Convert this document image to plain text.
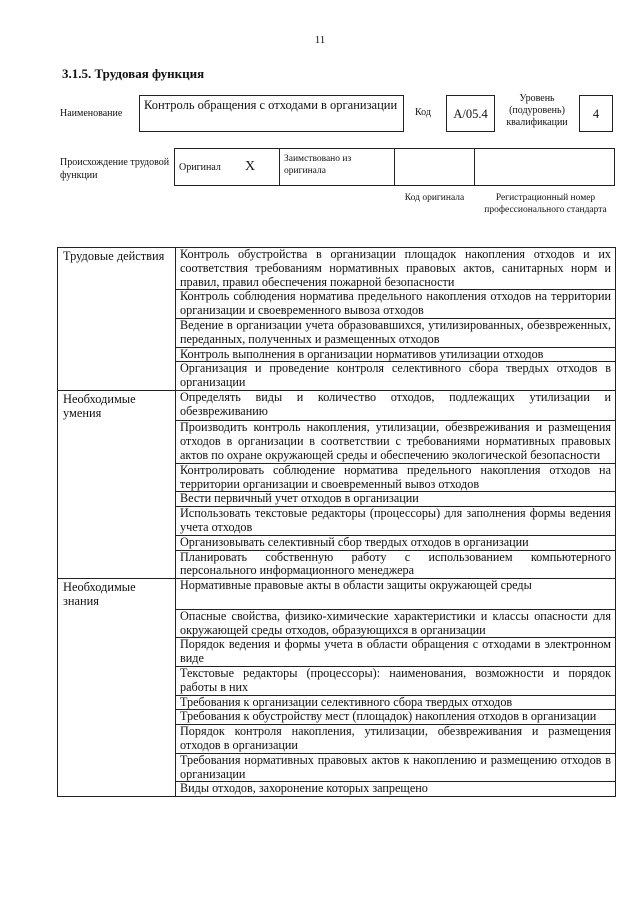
11
3.1.5. Трудовая функция
Наименование
Контроль обращения с отходами в организации
Код А/05.4
Уровень (подуровень) квалификации
4
Происхождение трудовой функции
Оригинал X	Заимствовано из оригинала
Код оригинала	Регистрационный номер профессионального стандарта
Трудовые действия	Контроль обустройства в организации площадок накопления отходов и их соответствия требованиям нормативных правовых актов, санитарных норм и правил, правил обеспечения пожарной безопасности
	Контроль соблюдения норматива предельного накопления отходов на территории организации и своевременного вывоза отходов
	Ведение в организации учета образовавшихся, утилизированных, обезвреженных, переданных, полученных и размещенных отходов
	Контроль выполнения в организации нормативов утилизации отходов
	Организация и проведение контроля селективного сбора твердых отходов в организации
Необходимые умения	Определять виды и количество отходов, подлежащих утилизации и обезвреживанию
	Производить контроль накопления, утилизации, обезвреживания и размещения отходов в организации в соответствии с требованиями нормативных правовых актов по охране окружающей среды и обеспечению экологической безопасности
	Контролировать соблюдение норматива предельного накопления отходов на территории организации и своевременный вывоз отходов
	Вести первичный учет отходов в организации
	Использовать текстовые редакторы (процессоры) для заполнения формы ведения учета отходов
	Организовывать селективный сбор твердых отходов в организации
	Планировать собственную работу с использованием компьютерного персонального информационного менеджера
Необходимые знания	Нормативные правовые акты в области защиты окружающей среды
	Опасные свойства, физико-химические характеристики и классы опасности для окружающей среды отходов, образующихся в организации
	Порядок ведения и формы учета в области обращения с отходами в электронном виде
	Текстовые редакторы (процессоры): наименования, возможности и порядок работы в них
	Требования к организации селективного сбора твердых отходов
	Требования к обустройству мест (площадок) накопления отходов в организации
	Порядок контроля накопления, утилизации, обезвреживания и размещения отходов в организации
	Требования нормативных правовых актов к накоплению и размещению отходов в организации
	Виды отходов, захоронение которых запрещено
